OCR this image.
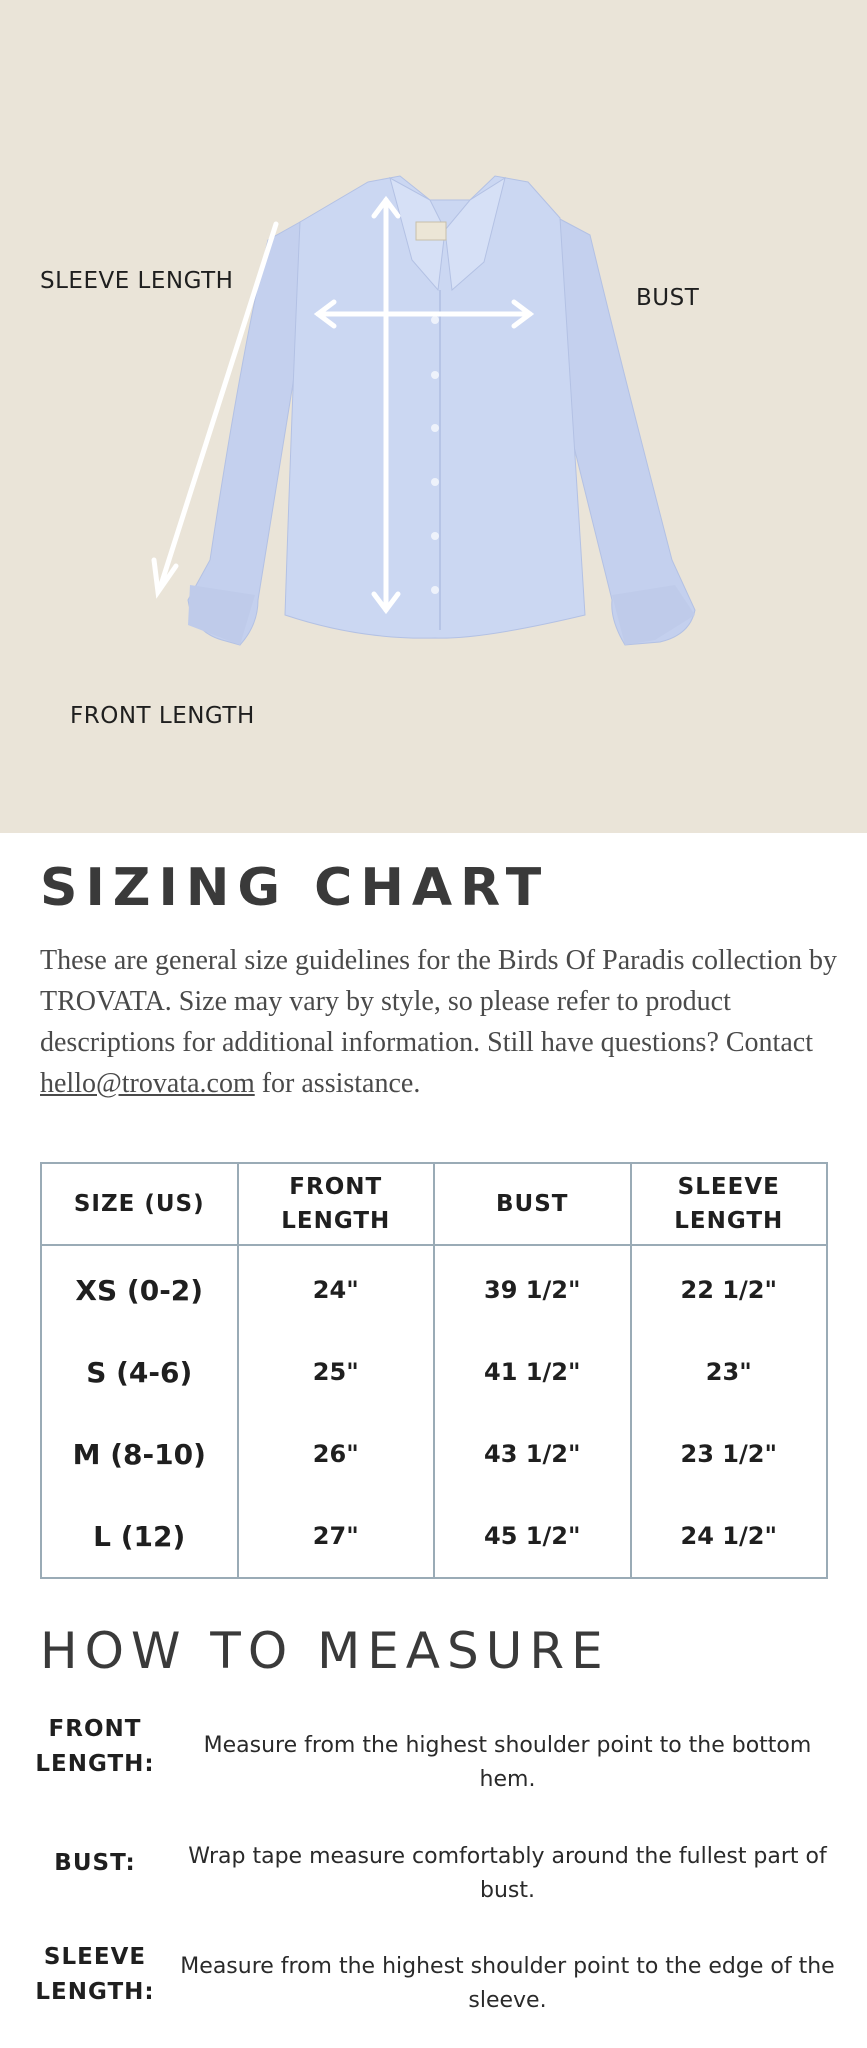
SLEEVE LENGTH
BUST
FRONT LENGTH
SIZING CHART

These are general size guidelines for the Birds Of Paradis collection by TROVATA. Size may vary by style, so please refer to product descriptions for additional information. Still have questions? Contact hello@trovata.com for assistance.

SIZE (US)	FRONT LENGTH	BUST	SLEEVE LENGTH
XS (0-2)	24"	39 1/2"	22 1/2"
S (4-6)	25"	41 1/2"	23"
M (8-10)	26"	43 1/2"	23 1/2"
L (12)	27"	45 1/2"	24 1/2"
HOW TO MEASURE
FRONT LENGTH:
Measure from the highest shoulder point to the bottom hem.
BUST:	Wrap tape measure comfortably around the fullest part of bust.
SLEEVE LENGTH:
Measure from the highest shoulder point to the edge of the sleeve.
